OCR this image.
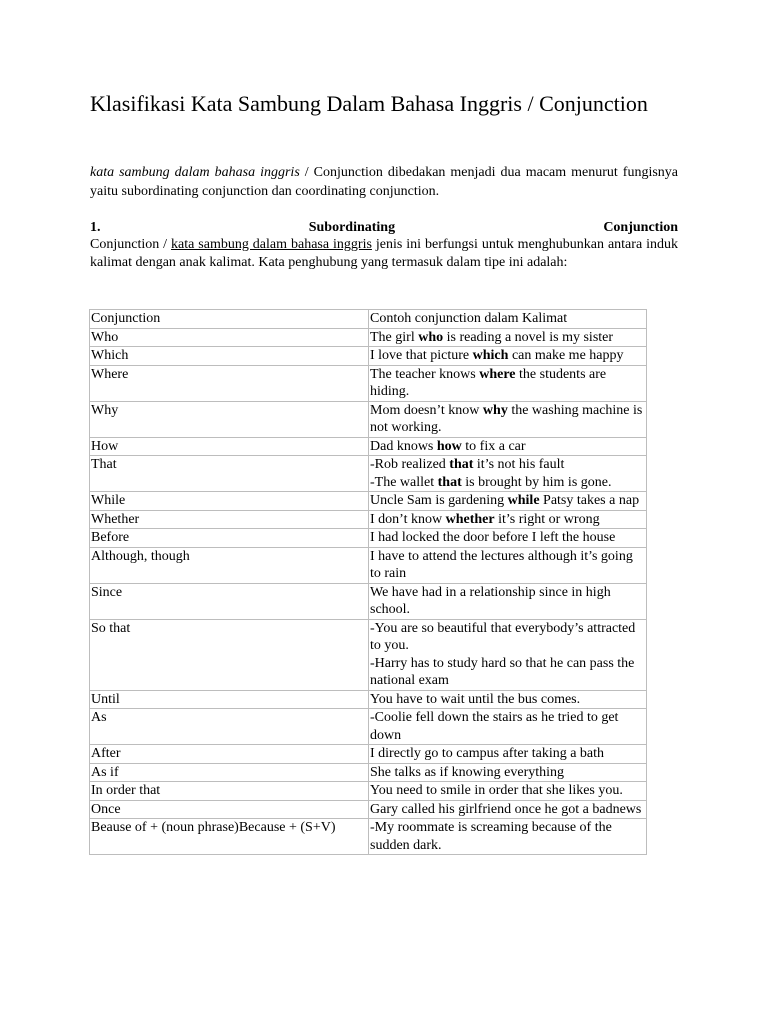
Klasifikasi Kata Sambung Dalam Bahasa Inggris / Conjunction

kata sambung dalam bahasa inggris / Conjunction dibedakan menjadi dua macam menurut fungisnya yaitu subordinating conjunction dan coordinating conjunction.

1.	Subordinating	Conjunction

Conjunction / kata sambung dalam bahasa inggris jenis ini berfungsi untuk menghubunkan antara induk kalimat dengan anak kalimat. Kata penghubung yang termasuk dalam tipe ini adalah:

Conjunction	Contoh conjunction dalam Kalimat
Who	The girl who is reading a novel is my sister

Which	I love that picture which can make me happy

Where	The teacher knows where the students are hiding.

Why	Mom doesn’t know why the washing machine is not working.

How	Dad knows how to fix a car

That	-Rob realized that it’s not his fault
-The wallet that is brought by him is gone.

While	Uncle Sam is gardening while Patsy takes a nap

Whether	I don’t know whether it’s right or wrong

Before	I had locked the door before I left the house

Although, though	I have to attend the lectures although it’s going to rain

Since	We have had in a relationship since in high school.

So that	-You are so beautiful that everybody’s attracted to you.
-Harry has to study hard so that he can pass the national exam

Until	You have to wait until the bus comes.

As	-Coolie fell down the stairs as he tried to get down

After	I directly go to campus after taking a bath

As if	She talks as if knowing everything

In order that	You need to smile in order that she likes you.

Once	Gary called his girlfriend once he got a badnews

Beause of + (noun phrase)Because + (S+V)	-My roommate is screaming because of the sudden dark.
